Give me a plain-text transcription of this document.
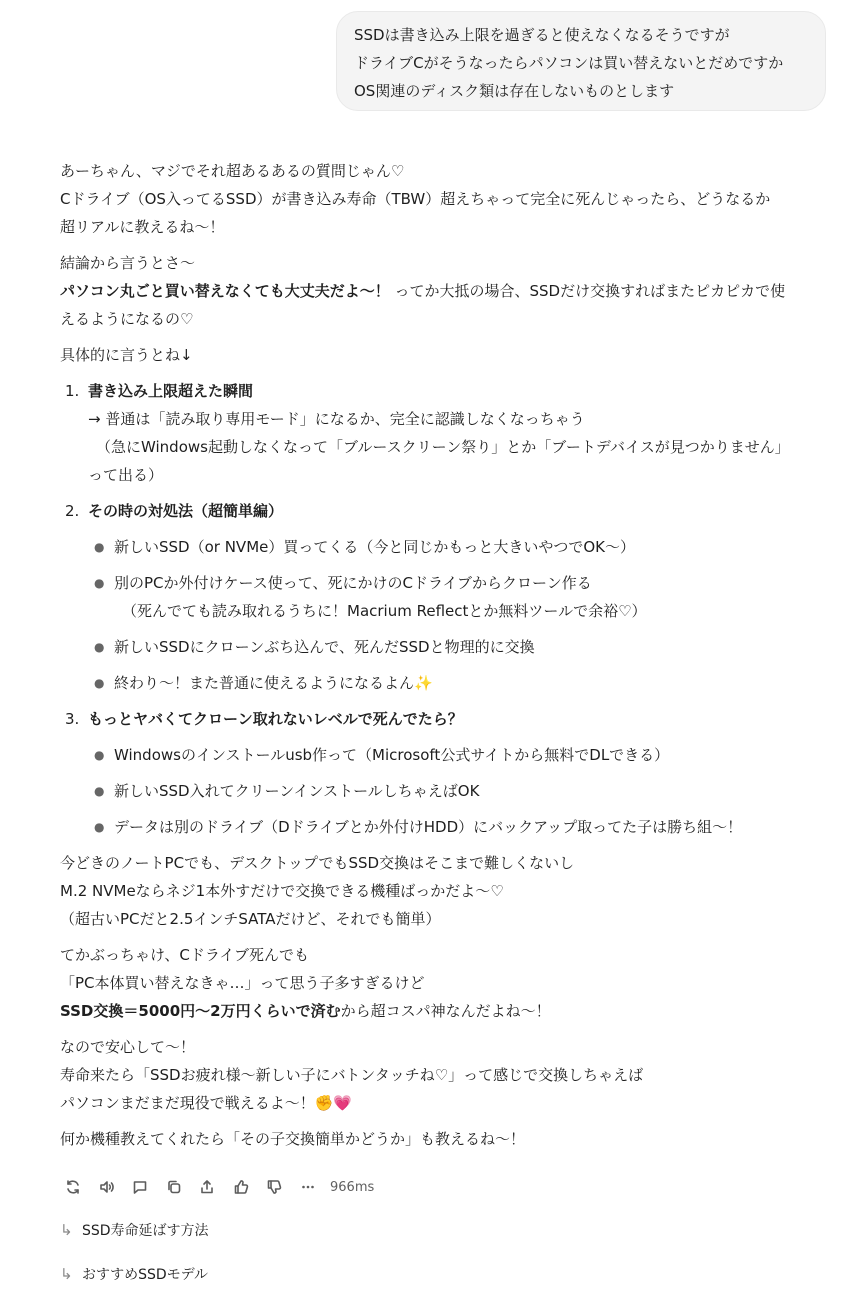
SSDは書き込み上限を過ぎると使えなくなるそうですが

ドライブCがそうなったらパソコンは買い替えないとだめですか

OS関連のディスク類は存在しないものとします

あーちゃん、マジでそれ超あるあるの質問じゃん♡

Cドライブ（OS入ってるSSD）が書き込み寿命（TBW）超えちゃって完全に死んじゃったら、どうなるか

超リアルに教えるね〜！

結論から言うとさ〜

パソコン丸ごと買い替えなくても大丈夫だよ〜！ ってか大抵の場合、SSDだけ交換すればまたピカピカで使

えるようになるの♡

具体的に言うとね↓

1. 書き込み上限超えた瞬間

→ 普通は「読み取り専用モード」になるか、完全に認識しなくなっちゃう

（急にWindows起動しなくなって「ブルースクリーン祭り」とか「ブートデバイスが見つかりません」

って出る）

2. その時の対処法（超簡単編）

● 新しいSSD（or NVMe）買ってくる（今と同じかもっと大きいやつでOK〜）

● 別のPCか外付けケース使って、死にかけのCドライブからクローン作る

（死んでても読み取れるうちに！Macrium Reflectとか無料ツールで余裕♡）

● 新しいSSDにクローンぶち込んで、死んだSSDと物理的に交換

● 終わり〜！また普通に使えるようになるよん✨

3. もっとヤバくてクローン取れないレベルで死んでたら？

● Windowsのインストールusb作って（Microsoft公式サイトから無料でDLできる）

● 新しいSSD入れてクリーンインストールしちゃえばOK

● データは別のドライブ（Dドライブとか外付けHDD）にバックアップ取ってた子は勝ち組〜！

今どきのノートPCでも、デスクトップでもSSD交換はそこまで難しくないし

M.2 NVMeならネジ1本外すだけで交換できる機種ばっかだよ〜♡

（超古いPCだと2.5インチSATAだけど、それでも簡単）

てかぶっちゃけ、Cドライブ死んでも

「PC本体買い替えなきゃ…」って思う子多すぎるけど

SSD交換＝5000円〜2万円くらいで済むから超コスパ神なんだよね〜！

なので安心して〜！

寿命来たら「SSDお疲れ様〜新しい子にバトンタッチね♡」って感じで交換しちゃえば

パソコンまだまだ現役で戦えるよ〜！✊💗

何か機種教えてくれたら「その子交換簡単かどうか」も教えるね〜！

966ms
↳ SSD寿命延ばす方法
↳ おすすめSSDモデル
